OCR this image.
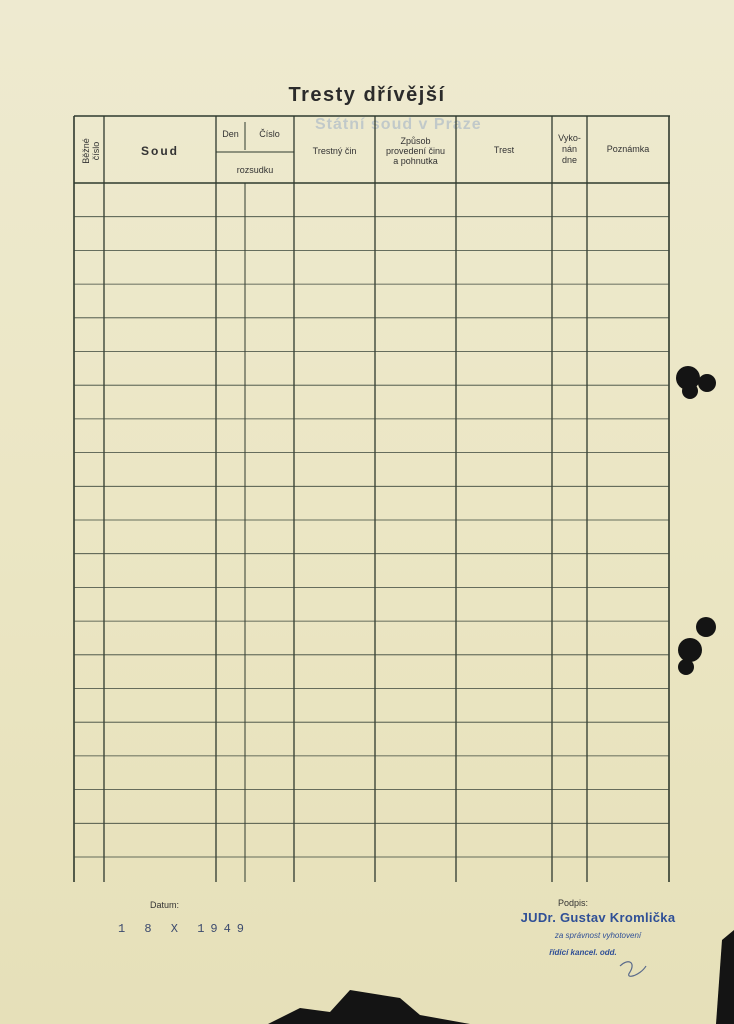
Tresty dřívější
Státní soud v Praze
Běžné číslo	Soud
Den	Číslo
rozsudku
Trestný čin
Způsob
provedení činu
a pohnutka
Trest
Vyko-
nán
dne
Poznámka
Datum:
1 8 X 1949
Podpis:
JUDr. Gustav Kromlička
za správnost vyhotovení
řídící kancel. odd.
